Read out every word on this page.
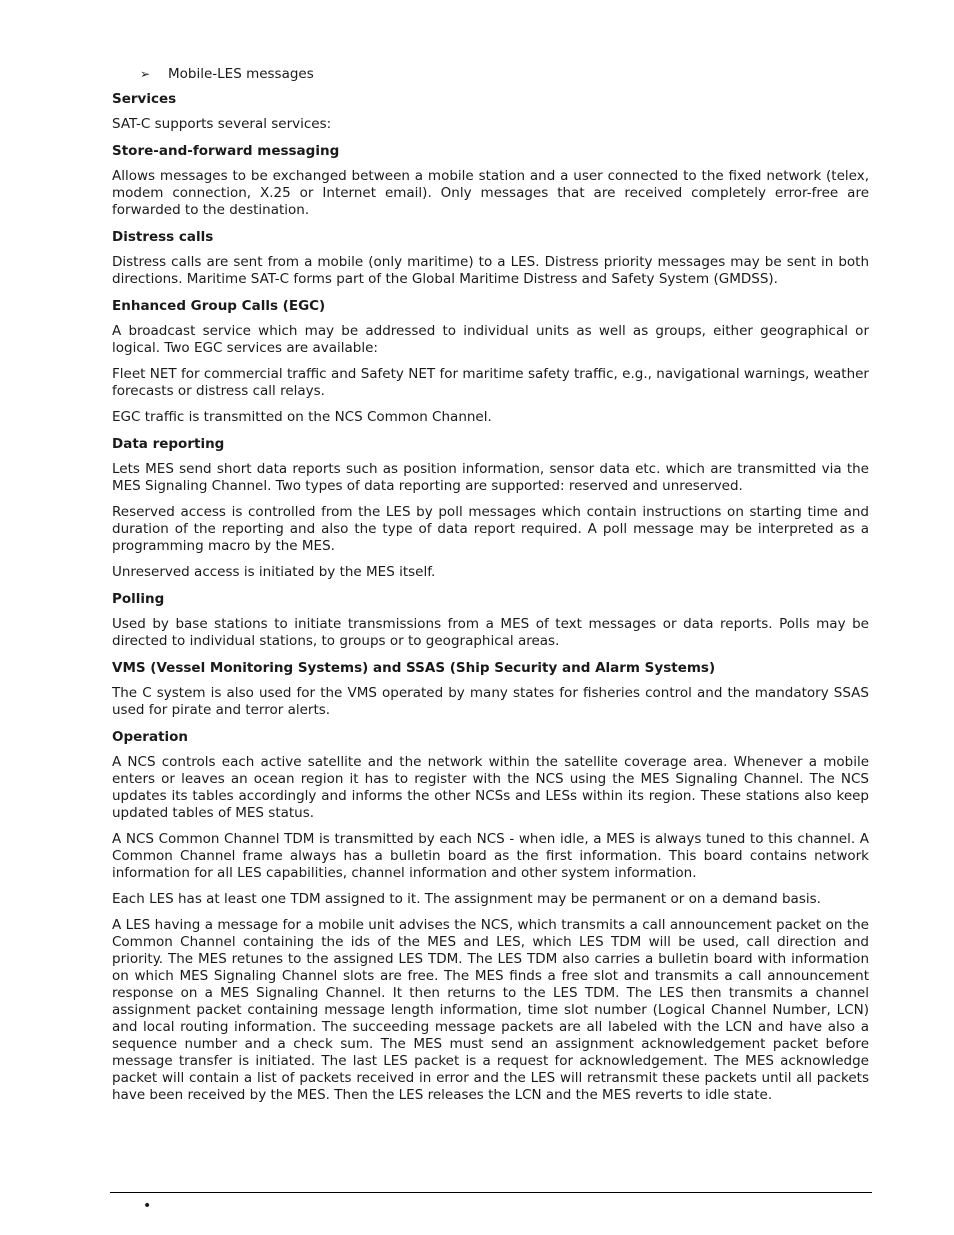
➢	Mobile-LES messages
Services

SAT-C supports several services:

Store-and-forward messaging

Allows messages to be exchanged between a mobile station and a user connected to the fixed network (telex, modem connection, X.25 or Internet email). Only messages that are received completely error-free are forwarded to the destination.

Distress calls

Distress calls are sent from a mobile (only maritime) to a LES. Distress priority messages may be sent in both directions. Maritime SAT-C forms part of the Global Maritime Distress and Safety System (GMDSS).

Enhanced Group Calls (EGC)

A broadcast service which may be addressed to individual units as well as groups, either geographical or logical. Two EGC services are available:

Fleet NET for commercial traffic and Safety NET for maritime safety traffic, e.g., navigational warnings, weather forecasts or distress call relays.

EGC traffic is transmitted on the NCS Common Channel.

Data reporting

Lets MES send short data reports such as position information, sensor data etc. which are transmitted via the MES Signaling Channel. Two types of data reporting are supported: reserved and unreserved.

Reserved access is controlled from the LES by poll messages which contain instructions on starting time and duration of the reporting and also the type of data report required. A poll message may be interpreted as a programming macro by the MES.

Unreserved access is initiated by the MES itself.

Polling

Used by base stations to initiate transmissions from a MES of text messages or data reports. Polls may be directed to individual stations, to groups or to geographical areas.

VMS (Vessel Monitoring Systems) and SSAS (Ship Security and Alarm Systems)

The C system is also used for the VMS operated by many states for fisheries control and the mandatory SSAS used for pirate and terror alerts.

Operation

A NCS controls each active satellite and the network within the satellite coverage area. Whenever a mobile enters or leaves an ocean region it has to register with the NCS using the MES Signaling Channel. The NCS updates its tables accordingly and informs the other NCSs and LESs within its region. These stations also keep updated tables of MES status.

A NCS Common Channel TDM is transmitted by each NCS - when idle, a MES is always tuned to this channel. A Common Channel frame always has a bulletin board as the first information. This board contains network information for all LES capabilities, channel information and other system information.

Each LES has at least one TDM assigned to it. The assignment may be permanent or on a demand basis.

A LES having a message for a mobile unit advises the NCS, which transmits a call announcement packet on the Common Channel containing the ids of the MES and LES, which LES TDM will be used, call direction and priority. The MES retunes to the assigned LES TDM. The LES TDM also carries a bulletin board with information on which MES Signaling Channel slots are free. The MES finds a free slot and transmits a call announcement response on a MES Signaling Channel. It then returns to the LES TDM. The LES then transmits a channel assignment packet containing message length information, time slot number (Logical Channel Number, LCN) and local routing information. The succeeding message packets are all labeled with the LCN and have also a sequence number and a check sum. The MES must send an assignment acknowledgement packet before message transfer is initiated. The last LES packet is a request for acknowledgement. The MES acknowledge packet will contain a list of packets received in error and the LES will retransmit these packets until all packets have been received by the MES. Then the LES releases the LCN and the MES reverts to idle state.

•
